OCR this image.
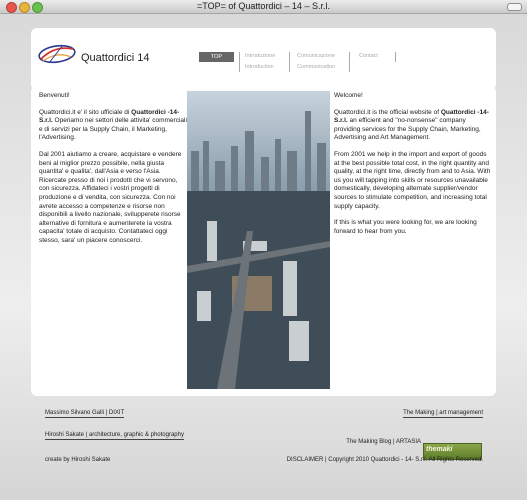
=TOP= of Quattordici – 14 – S.r.l.
Quattordici 14	TOP	Introduzione
Introduction
Comunicazione
Communication
Contact

Benvenuti!

Quattordici.it e' il sito ufficiale di Quattordici -14- S.r.l. Operiamo nei settori delle attivita' commerciali e di servizi per la Supply Chain, il Marketing, l'Advertising.

Dal 2001 aiutiamo a creare, acquistare e vendere beni al miglior prezzo possibile, nella giusta quantita' e qualita', dall'Asia e verso l'Asia.
Ricercate presso di noi i prodotti che vi servono, con sicurezza. Affidateci i vostri progetti di produzione e di vendita, con sicurezza. Con noi avrete accesso a competenze e risorse non disponibili a livello nazionale, svilupperete risorse alternative di fornitura e aumenterete la vostra capacita' totale di acquisto. Contattateci oggi stesso, sara' un piacere conoscerci.

Welcome!

Quattordici.it is the official website of Quattordici -14- S.r.l. an efficient and "no-nonsense" company providing services for the Supply Chain, Marketing, Advertising and Art Management.

From 2001 we help in the import and export of goods at the best possible total cost, in the right quantity and quality, at the right time, directly from and to Asia. With us you will tapping into skills or resources unavailable domestically, developing alternate supplier/vendor sources to stimulate competition, and increasing total supply capacity.

If this is what you were looking for, we are looking forward to hear from you.

Massimo Silvano Galli | DIXIT
Hiroshi Sakate | architecture, graphic & photography
create by Hiroshi Sakate
The Making | art management
The Making Blog | ARTASIA
themaki
DISCLAIMER | Copyright 2010 Quattordici - 14- S.r.l. All Rights Reserved.
